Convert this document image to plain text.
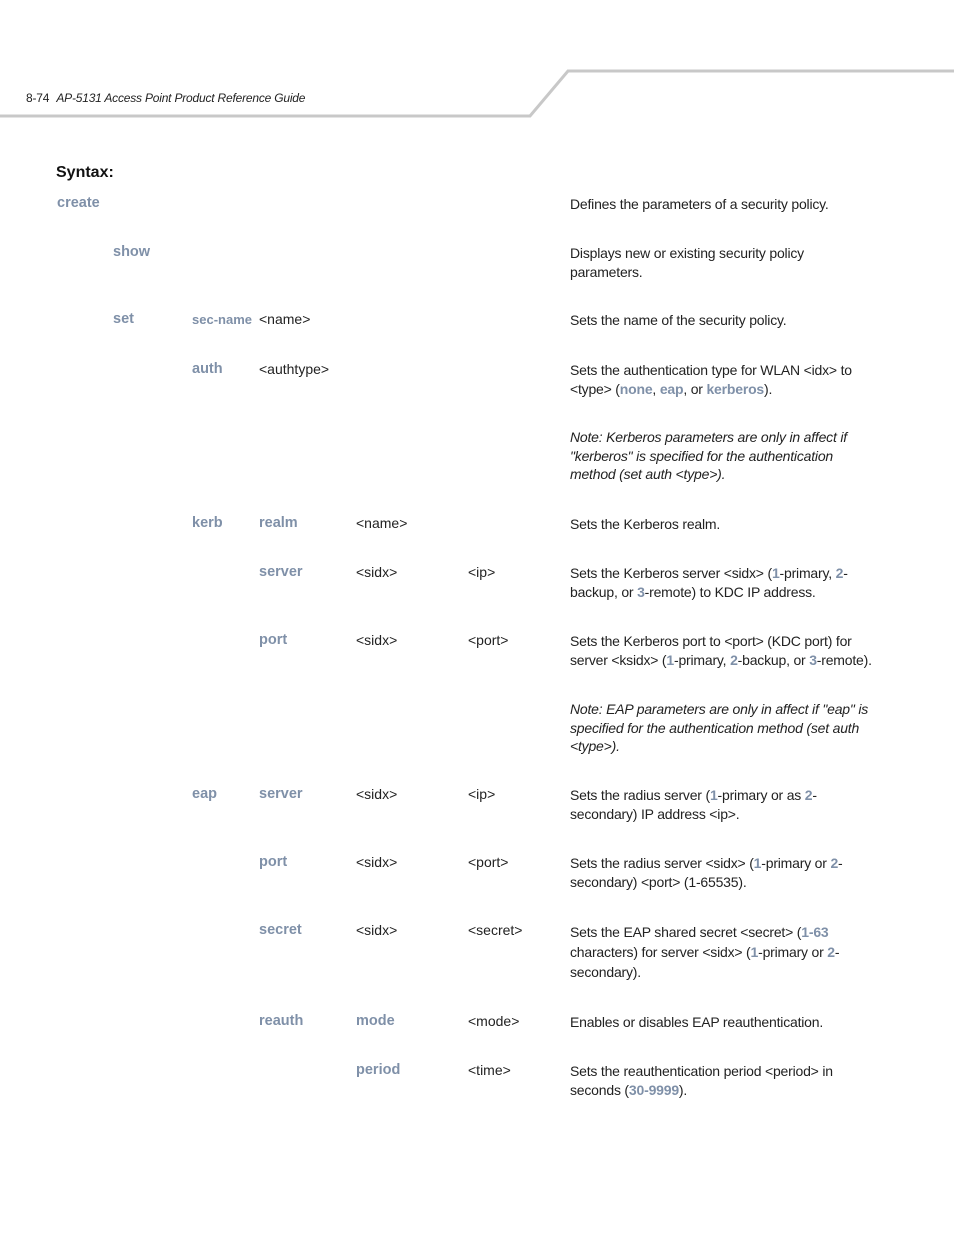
8-74 AP-5131 Access Point Product Reference Guide
Syntax:
create	Defines the parameters of a security policy.
show	Displays new or existing security policy parameters.
set	sec-name <name>	Sets the name of the security policy.
auth	<authtype>	Sets the authentication type for WLAN <idx> to <type> (none, eap, or kerberos).
Note: Kerberos parameters are only in affect if "kerberos" is specified for the authentication method (set auth <type>).
kerb	realm	<name>	Sets the Kerberos realm.
server	<sidx>	<ip>	Sets the Kerberos server <sidx> (1-primary, 2-backup, or 3-remote) to KDC IP address.
port	<sidx>	<port>	Sets the Kerberos port to <port> (KDC port) for server <ksidx> (1-primary, 2-backup, or 3-remote).
Note: EAP parameters are only in affect if "eap" is specified for the authentication method (set auth <type>).
eap	server	<sidx>	<ip>	Sets the radius server (1-primary or as 2-secondary) IP address <ip>.
port	<sidx>	<port>	Sets the radius server <sidx> (1-primary or 2-secondary) <port> (1-65535).
secret	<sidx>	<secret>	Sets the EAP shared secret <secret> (1-63 characters) for server <sidx> (1-primary or 2-secondary).
reauth	mode	<mode>	Enables or disables EAP reauthentication.
period	<time>	Sets the reauthentication period <period> in seconds (30-9999).
